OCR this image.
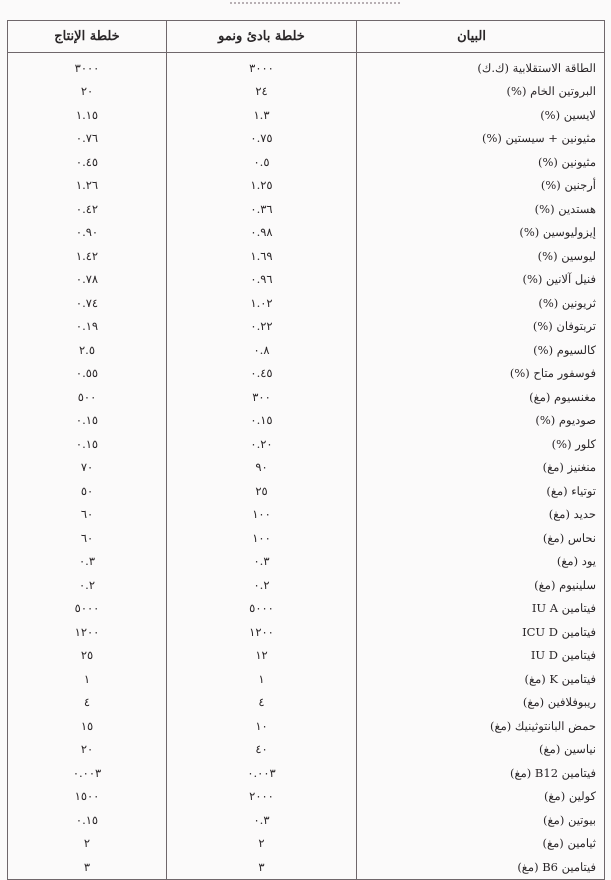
البيان	خلطة بادئ ونمو	خلطة الإنتاج
الطاقة الاستقلابية (ك.ك)	٣٠٠٠	٣٠٠٠
البروتين الخام (%)	٢٤	٢٠
لايسين (%)	١.٣	١.١٥
مثيونين + سيستين (%)	٠.٧٥	٠.٧٦
مثيونين (%)	٠.٥	٠.٤٥
أرجنين (%)	١.٢٥	١.٢٦
هستدين (%)	٠.٣٦	٠.٤٢
إيزوليوسين (%)	٠.٩٨	٠.٩٠
ليوسين (%)	١.٦٩	١.٤٢
فنيل آلانين (%)	٠.٩٦	٠.٧٨
ثريونين (%)	١.٠٢	٠.٧٤
تربتوفان (%)	٠.٢٢	٠.١٩
كالسيوم (%)	٠.٨	٢.٥
فوسفور متاح (%)	٠.٤٥	٠.٥٥
مغنسيوم (مغ)	٣٠٠	٥٠٠
صوديوم (%)	٠.١٥	٠.١٥
كلور (%)	٠.٢٠	٠.١٥
منغنيز (مغ)	٩٠	٧٠
توتياء (مغ)	٢٥	٥٠
حديد (مغ)	١٠٠	٦٠
نحاس (مغ)	١٠٠	٦٠
يود (مغ)	٠.٣	٠.٣
سلينيوم (مغ)	٠.٢	٠.٢
فيتامين IU A	٥٠٠٠	٥٠٠٠
فيتامين ICU D	١٢٠٠	١٢٠٠
فيتامين IU D	١٢	٢٥
فيتامين K (مغ)	١	١
ريبوفلافين (مغ)	٤	٤
حمض البانتوثينيك (مغ)	١٠	١٥
نياسين (مغ)	٤٠	٢٠
فيتامين B12 (مغ)	٠.٠٠٣	٠.٠٠٣
كولين (مغ)	٢٠٠٠	١٥٠٠
بيوتين (مغ)	٠.٣	٠.١٥
ثيامين (مغ)	٢	٢
فيتامين B6 (مغ)	٣	٣
